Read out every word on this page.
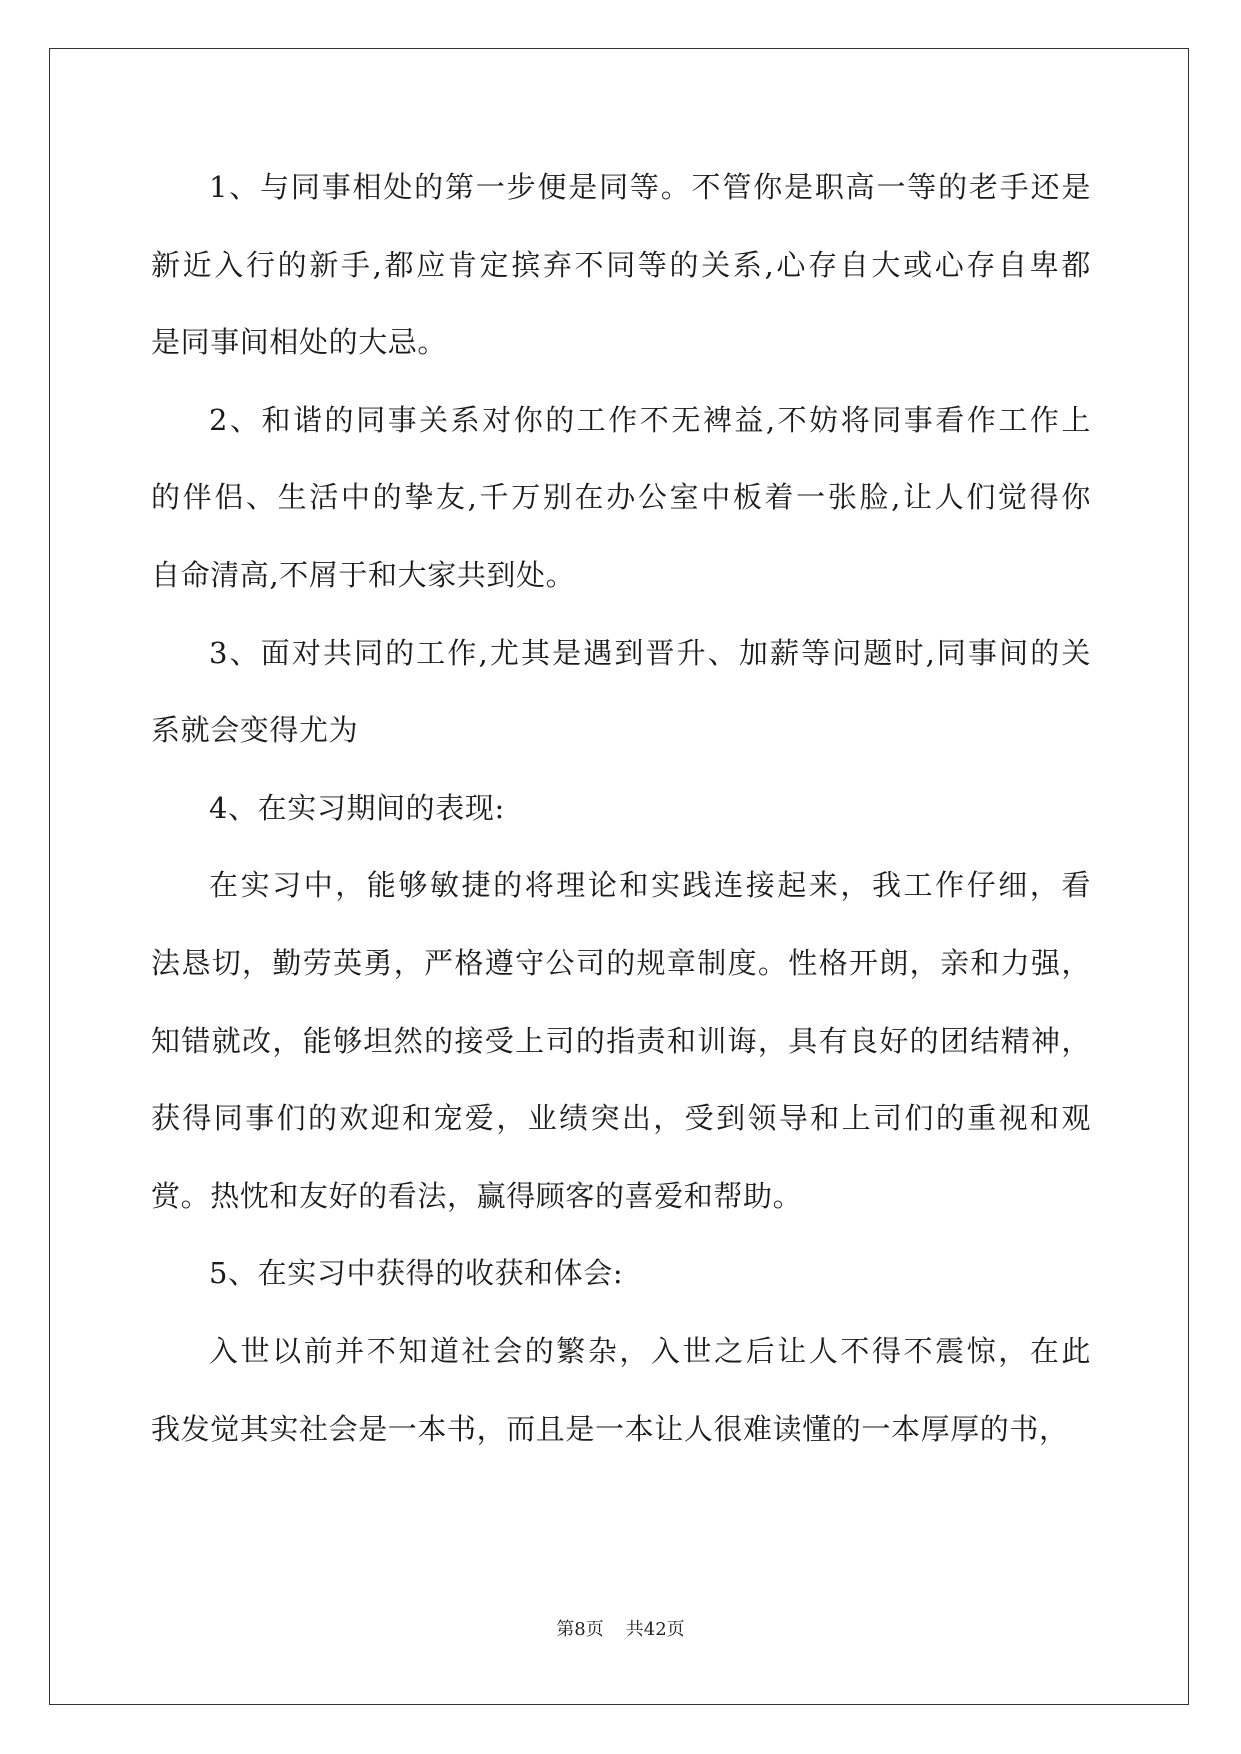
1、与同事相处的第一步便是同等。不管你是职高一等的老手还是
新近入行的新手,都应肯定摈弃不同等的关系,心存自大或心存自卑都
是同事间相处的大忌。
2、和谐的同事关系对你的工作不无裨益,不妨将同事看作工作上
的伴侣、生活中的挚友,千万别在办公室中板着一张脸,让人们觉得你
自命清高,不屑于和大家共到处。
3、面对共同的工作,尤其是遇到晋升、加薪等问题时,同事间的关
系就会变得尤为
4、在实习期间的表现:
在实习中，能够敏捷的将理论和实践连接起来，我工作仔细，看
法恳切，勤劳英勇，严格遵守公司的规章制度。性格开朗，亲和力强，
知错就改，能够坦然的接受上司的指责和训诲，具有良好的团结精神，
获得同事们的欢迎和宠爱，业绩突出，受到领导和上司们的重视和观
赏。热忱和友好的看法，赢得顾客的喜爱和帮助。
5、在实习中获得的收获和体会:
入世以前并不知道社会的繁杂，入世之后让人不得不震惊，在此
我发觉其实社会是一本书，而且是一本让人很难读懂的一本厚厚的书，
第8页 共42页
